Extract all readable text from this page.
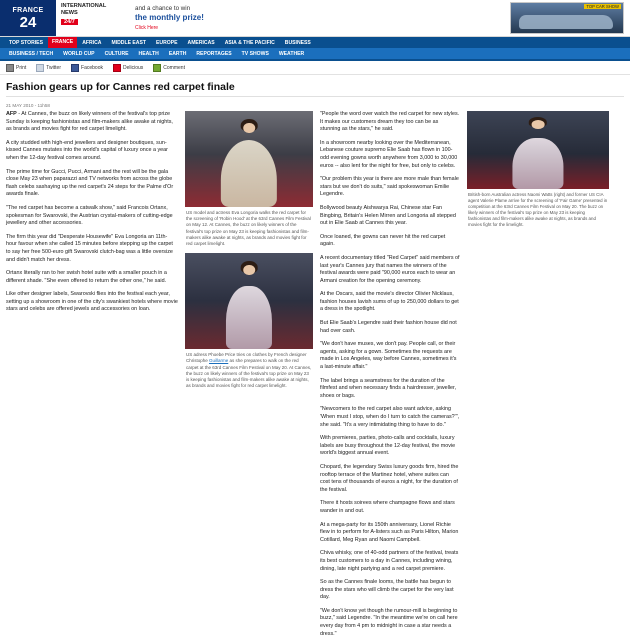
FRANCE
24
INTERNATIONAL
NEWS
24/7
and a chance to win
the monthly prize!
Click Here
TOP CAR SHOW
TOP STORIES	FRANCE	AFRICA	MIDDLE EAST	EUROPE	AMERICAS	ASIA & THE PACIFIC	BUSINESS
BUSINESS / TECH	WORLD CUP	CULTURE	HEALTH	EARTH	REPORTAGES	TV SHOWS	WEATHER
Print	Twitter	Facebook	Delicious	Comment
Fashion gears up for Cannes red carpet finale
21 MAY 2010 - 11h58

AFP - At Cannes, the buzz on likely winners of the festival's top prize Sunday is keeping fashionistas and film-makers alike awake at nights, as brands and movies fight for red carpet limelight.

A city studded with high-end jewellers and designer boutiques, sun-kissed Cannes mutates into the world's capital of luxury once a year when the 12-day festival comes around.

The prime time for Gucci, Pucci, Armani and the rest will be the gala close May 23 when paparazzi and TV networks from across the globe flash celebs sashaying up the red carpet's 24 steps for the Palme d'Or awards finale.

"The red carpet has become a catwalk show," said Francois Ortanx, spokesman for Swarovski, the Austrian crystal-makers of cutting-edge jewellery and other accessories.

The firm this year did "Desperate Housewife" Eva Longoria an 11th-hour favour when she called 15 minutes before stepping up the carpet to say her free 500-euro gift Swarovski clutch-bag was a little oversize and didn't match her dress.

Ortanx literally ran to her swish hotel suite with a smaller pouch in a different shade. "She even offered to return the other one," he said.

Like other designer labels, Swarovski flies into the festival each year, setting up a showroom in one of the city's swankiest hotels where movie stars and celebs are offered jewels and accessories on loan.

US model and actress Eva Longoria walks the red carpet for the screening of 'Robin Hood' at the 63rd Cannes Film Festival on May 12. At Cannes, the buzz on likely winners of the festival's top prize on May 23 is keeping fashionistas and film-makers alike awake at nights, as brands and movies fight for red carpet limelight.
US adress Phoebe Price tries on clothes by French designer Christophe Guillarme as she prepares to walk on the red carpet at the 63rd Cannes Film Festival on May 20. At Cannes, the buzz on likely winners of the festival's top prize on May 23 is keeping fashionistas and film-makers alike awake at nights, as brands and movies fight for red carpet limelight.

"People the word over watch the red carpet for new styles. It makes our customers dream they too can be as stunning as the stars," he said.

In a showroom nearby looking over the Mediterranean, Lebanese couture supremo Elie Saab has flown in 100-odd evening gowns worth anywhere from 3,000 to 30,000 euros -- also lent for the night for free, but only to celebs.

"Our problem this year is there are more male than female stars but we don't do suits," said spokeswoman Emilie Legendre.

Bollywood beauty Aishwarya Rai, Chinese star Fan Bingbing, Britain's Helen Mirren and Longoria all stepped out in Elie Saab at Cannes this year.

Once loaned, the gowns can never hit the red carpet again.

A recent documentary titled "Red Carpet" said members of last year's Cannes jury that names the winners of the festival awards were paid "90,000 euros each to wear an Armani creation for the opening ceremony.

At the Oscars, said the movie's director Olivier Nicklaus, fashion houses lavish sums of up to 250,000 dollars to get a dress in the spotlight.

But Elie Saab's Legendre said their fashion house did not had over cash.

"We don't have muses, we don't pay. People call, or their agents, asking for a gown. Sometimes the requests are made in Los Angeles, way before Cannes, sometimes it's a last-minute affair."

The label brings a seamstress for the duration of the filmfest and when necessary finds a hairdresser, jeweller, shoes or bags.

"Newcomers to the red carpet also want advice, asking 'When must I stop, when do I turn to catch the cameras?'", she said. "It's a very intimidating thing to have to do."

With premieres, parties, photo-calls and cocktails, luxury labels are busy throughout the 12-day festival, the movie world's biggest annual event.

Chopard, the legendary Swiss luxury goods firm, hired the rooftop terrace of the Martinez hotel, where suites can cost tens of thousands of euros a night, for the duration of the festival.

There it hosts soirees where champagne flows and stars wander in and out.

At a mega-party for its 150th anniversary, Lionel Richie flew in to perform for A-listers such as Paris Hilton, Marion Cotillard, Meg Ryan and Naomi Campbell.

Chiva whisky, one of 40-odd partners of the festival, treats its best customers to a day in Cannes, including wining, dining, late night partying and a red carpet premiere.

So as the Cannes finale looms, the battle has begun to dress the stars who will climb the carpet for the very last day.

"We don't know yet though the rumour-mill is beginning to buzz," said Legendre. "In the meantime we're on call here every day from 4 pm to midnight in case a star needs a dress."

British-born Australian actress Naomi Watts (right) and former US CIA agent Valerie Plame arrive for the screening of 'Fair Game' presented in competition at the 63rd Cannes Film Festival on May 20. The buzz on likely winners of the festival's top prize on May 23 is keeping fashionistas and film-makers alike awake at nights, as brands and movies fight for the limelight.
